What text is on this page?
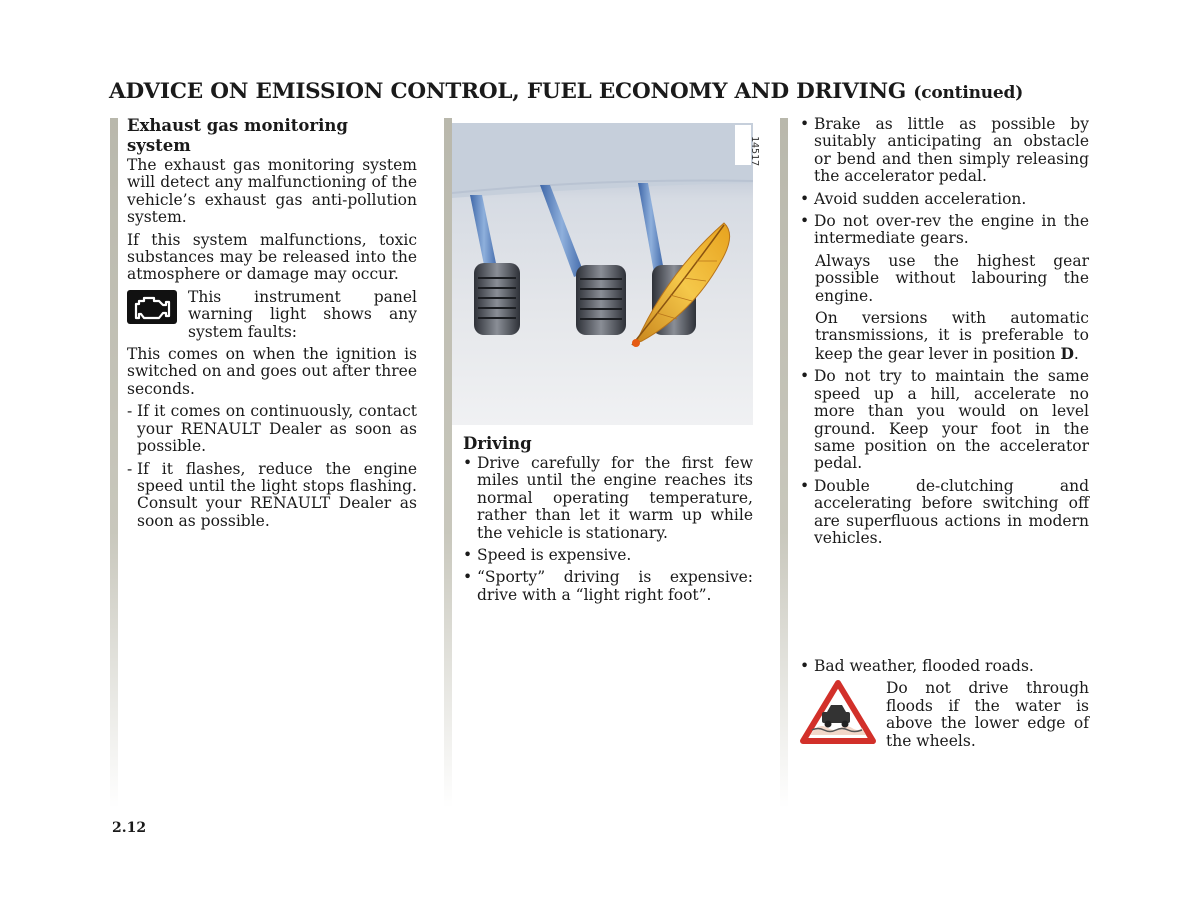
ADVICE ON EMISSION CONTROL, FUEL ECONOMY AND DRIVING (continued)
Exhaust gas monitoring system

The exhaust gas monitoring system will detect any malfunctioning of the vehicle’s exhaust gas anti-pollution system.

If this system malfunctions, toxic substances may be released into the atmosphere or damage may occur.

This instrument panel warning light shows any system faults:

This comes on when the ignition is switched on and goes out after three seconds.

- If it comes on continuously, contact your RENAULT Dealer as soon as possible.
- If it flashes, reduce the engine speed until the light stops flashing. Consult your RENAULT Dealer as soon as possible.
14517
Driving
• Drive carefully for the first few miles until the engine reaches its normal operating temperature, rather than let it warm up while the vehicle is stationary.
• Speed is expensive.
• “Sporty” driving is expensive: drive with a “light right foot”.
• Brake as little as possible by suitably anticipating an obstacle or bend and then simply releasing the accelerator pedal.
• Avoid sudden acceleration.
• Do not over-rev the engine in the intermediate gears.

Always use the highest gear possible without labouring the engine.

On versions with automatic transmissions, it is preferable to keep the gear lever in position D.

• Do not try to maintain the same speed up a hill, accelerate no more than you would on level ground. Keep your foot in the same position on the accelerator pedal.
• Double de-clutching and accelerating before switching off are superfluous actions in modern vehicles.
• Bad weather, flooded roads.
Do not drive through floods if the water is above the lower edge of the wheels.
2.12
